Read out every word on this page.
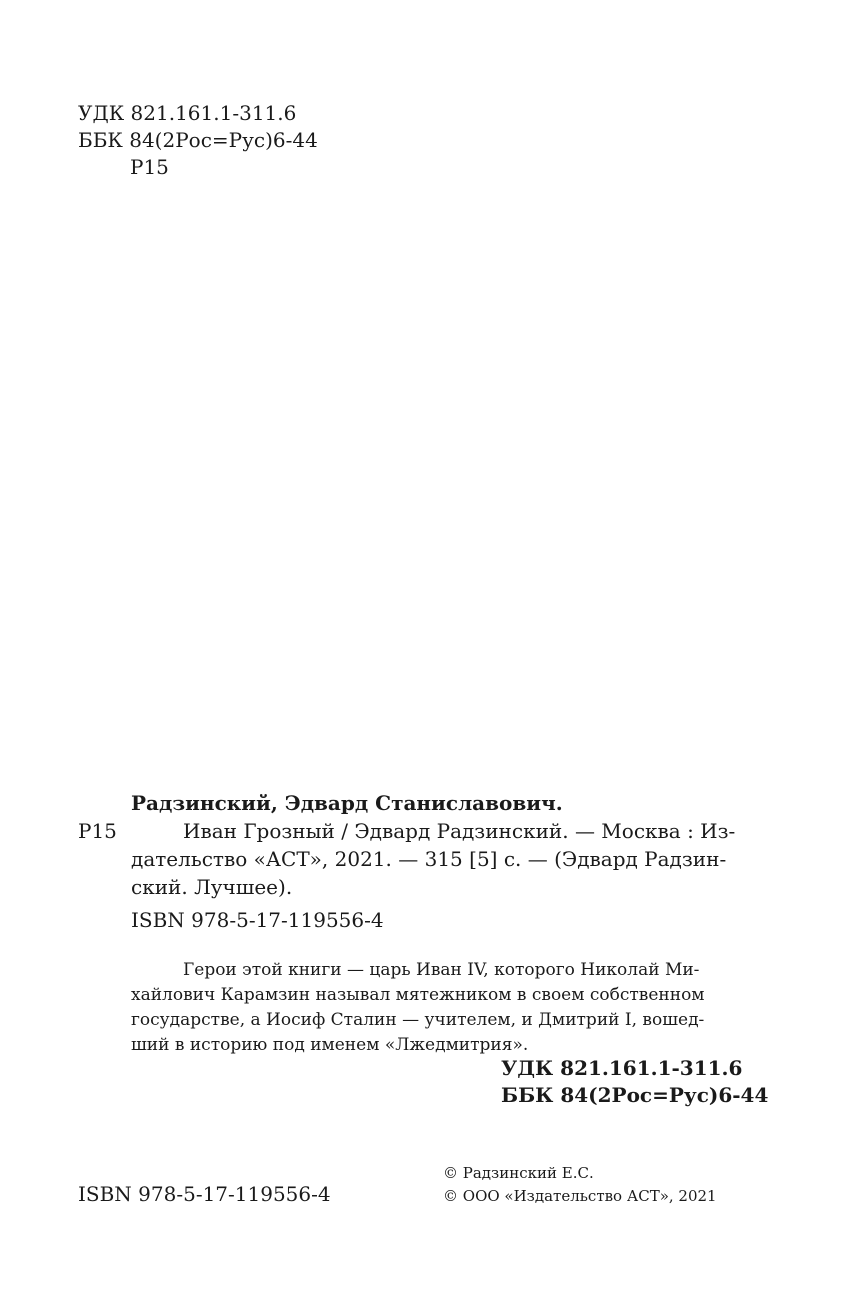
УДК 821.161.1-311.6
ББК 84(2Рос=Рус)6-44
Р15
Радзинский, Эдвард Станиславович.
Р15	Иван Грозный / Эдвард Радзинский. — Москва : Из-
дательство «АСТ», 2021. — 315 [5] с. — (Эдвард Радзин-
ский. Лучшее).
ISBN 978-5-17-119556-4
Герои этой книги — царь Иван IV, которого Николай Ми-
хайлович Карамзин называл мятежником в своем собственном
государстве, а Иосиф Сталин — учителем, и Дмитрий I, вошед-
ший в историю под именем «Лжедмитрия».
УДК 821.161.1-311.6
ББК 84(2Рос=Рус)6-44
ISBN 978-5-17-119556-4
© Радзинский Е.С.
© ООО «Издательство АСТ», 2021
